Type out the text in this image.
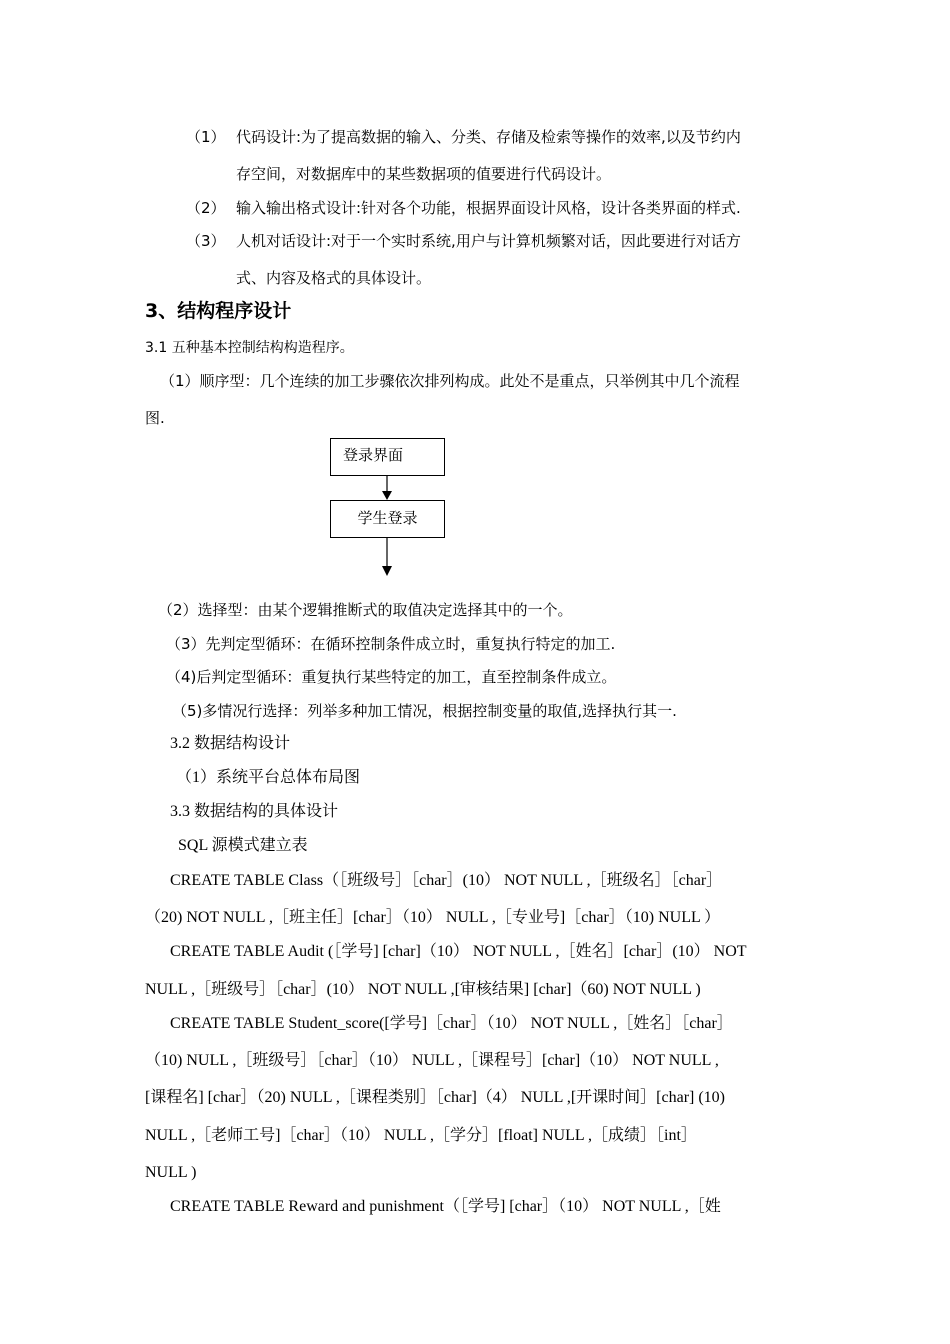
（1） 代码设计:为了提高数据的输入、分类、存储及检索等操作的效率,以及节约内
存空间，对数据库中的某些数据项的值要进行代码设计。
（2） 输入输出格式设计:针对各个功能，根据界面设计风格，设计各类界面的样式.
（3） 人机对话设计:对于一个实时系统,用户与计算机频繁对话，因此要进行对话方
式、内容及格式的具体设计。
3、结构程序设计
3.1 五种基本控制结构构造程序。
（1）顺序型：几个连续的加工步骤依次排列构成。此处不是重点，只举例其中几个流程
图.
登录界面
学生登录
（2）选择型：由某个逻辑推断式的取值决定选择其中的一个。
（3）先判定型循环：在循环控制条件成立时，重复执行特定的加工.
（4)后判定型循环：重复执行某些特定的加工，直至控制条件成立。
（5)多情况行选择：列举多种加工情况，根据控制变量的取值,选择执行其一.
3.2 数据结构设计
（1）系统平台总体布局图
3.3 数据结构的具体设计
SQL 源模式建立表
CREATE TABLE Class（［班级号］［char］(10） NOT NULL ,［班级名］［char］
（20) NOT NULL ,［班主任］[char］（10） NULL ,［专业号]［char］（10) NULL ）
CREATE TABLE Audit (［学号] [char]（10） NOT NULL ,［姓名］[char］(10） NOT
NULL ,［班级号］［char］(10） NOT NULL ,[审核结果] [char]（60) NOT NULL )
CREATE TABLE Student_score([学号]［char］（10） NOT NULL ,［姓名］［char］
（10) NULL ,［班级号］［char］（10） NULL ,［课程号］[char]（10） NOT NULL ,
[课程名] [char］（20) NULL ,［课程类别］［char]（4） NULL ,[开课时间］[char] (10)
NULL ,［老师工号]［char］（10） NULL ,［学分］[float] NULL ,［成绩］［int］
NULL )
CREATE TABLE Reward and punishment（［学号] [char］（10） NOT NULL ,［姓
